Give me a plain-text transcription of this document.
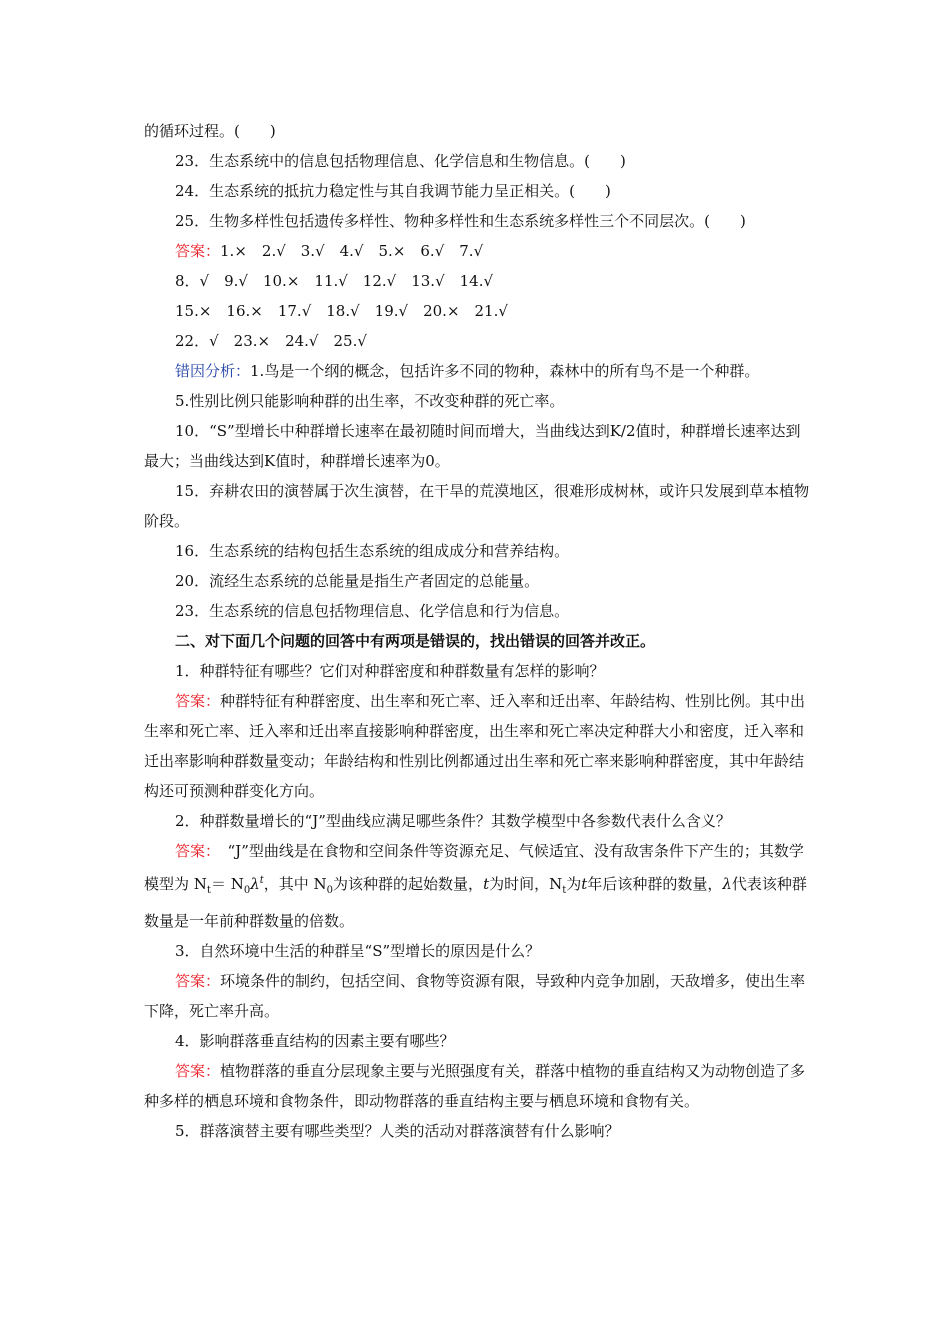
的循环过程。(　　)

23．生态系统中的信息包括物理信息、化学信息和生物信息。(　　)

24．生态系统的抵抗力稳定性与其自我调节能力呈正相关。(　　)

25．生物多样性包括遗传多样性、物种多样性和生态系统多样性三个不同层次。(　　)

答案：1.×　2.√　3.√　4.√　5.×　6.√　7.√

8．√　9.√　10.×　11.√　12.√　13.√　14.√

15.×　16.×　17.√　18.√　19.√　20.×　21.√

22．√　23.×　24.√　25.√

错因分析：1.鸟是一个纲的概念，包括许多不同的物种，森林中的所有鸟不是一个种群。

5.性别比例只能影响种群的出生率，不改变种群的死亡率。

10．“S”型增长中种群增长速率在最初随时间而增大，当曲线达到K/2值时，种群增长速率达到最大；当曲线达到K值时，种群增长速率为0。

15．弃耕农田的演替属于次生演替，在干旱的荒漠地区，很难形成树林，或许只发展到草本植物阶段。

16．生态系统的结构包括生态系统的组成成分和营养结构。

20．流经生态系统的总能量是指生产者固定的总能量。

23．生态系统的信息包括物理信息、化学信息和行为信息。

二、对下面几个问题的回答中有两项是错误的，找出错误的回答并改正。

1．种群特征有哪些？它们对种群密度和种群数量有怎样的影响？

答案：种群特征有种群密度、出生率和死亡率、迁入率和迁出率、年龄结构、性别比例。其中出生率和死亡率、迁入率和迁出率直接影响种群密度，出生率和死亡率决定种群大小和密度，迁入率和迁出率影响种群数量变动；年龄结构和性别比例都通过出生率和死亡率来影响种群密度，其中年龄结构还可预测种群变化方向。

2．种群数量增长的“J”型曲线应满足哪些条件？其数学模型中各参数代表什么含义？

答案：　“J”型曲线是在食物和空间条件等资源充足、气候适宜、没有敌害条件下产生的；其数学模型为 $N_t= N_0\lambda^t$，其中 $N_0$为该种群的起始数量，t为时间，$N_t$为t年后该种群的数量，λ代表该种群数量是一年前种群数量的倍数。

3．自然环境中生活的种群呈“S”型增长的原因是什么？

答案：环境条件的制约，包括空间、食物等资源有限，导致种内竞争加剧，天敌增多，使出生率下降，死亡率升高。

4．影响群落垂直结构的因素主要有哪些？

答案：植物群落的垂直分层现象主要与光照强度有关，群落中植物的垂直结构又为动物创造了多种多样的栖息环境和食物条件，即动物群落的垂直结构主要与栖息环境和食物有关。

5．群落演替主要有哪些类型？人类的活动对群落演替有什么影响？
